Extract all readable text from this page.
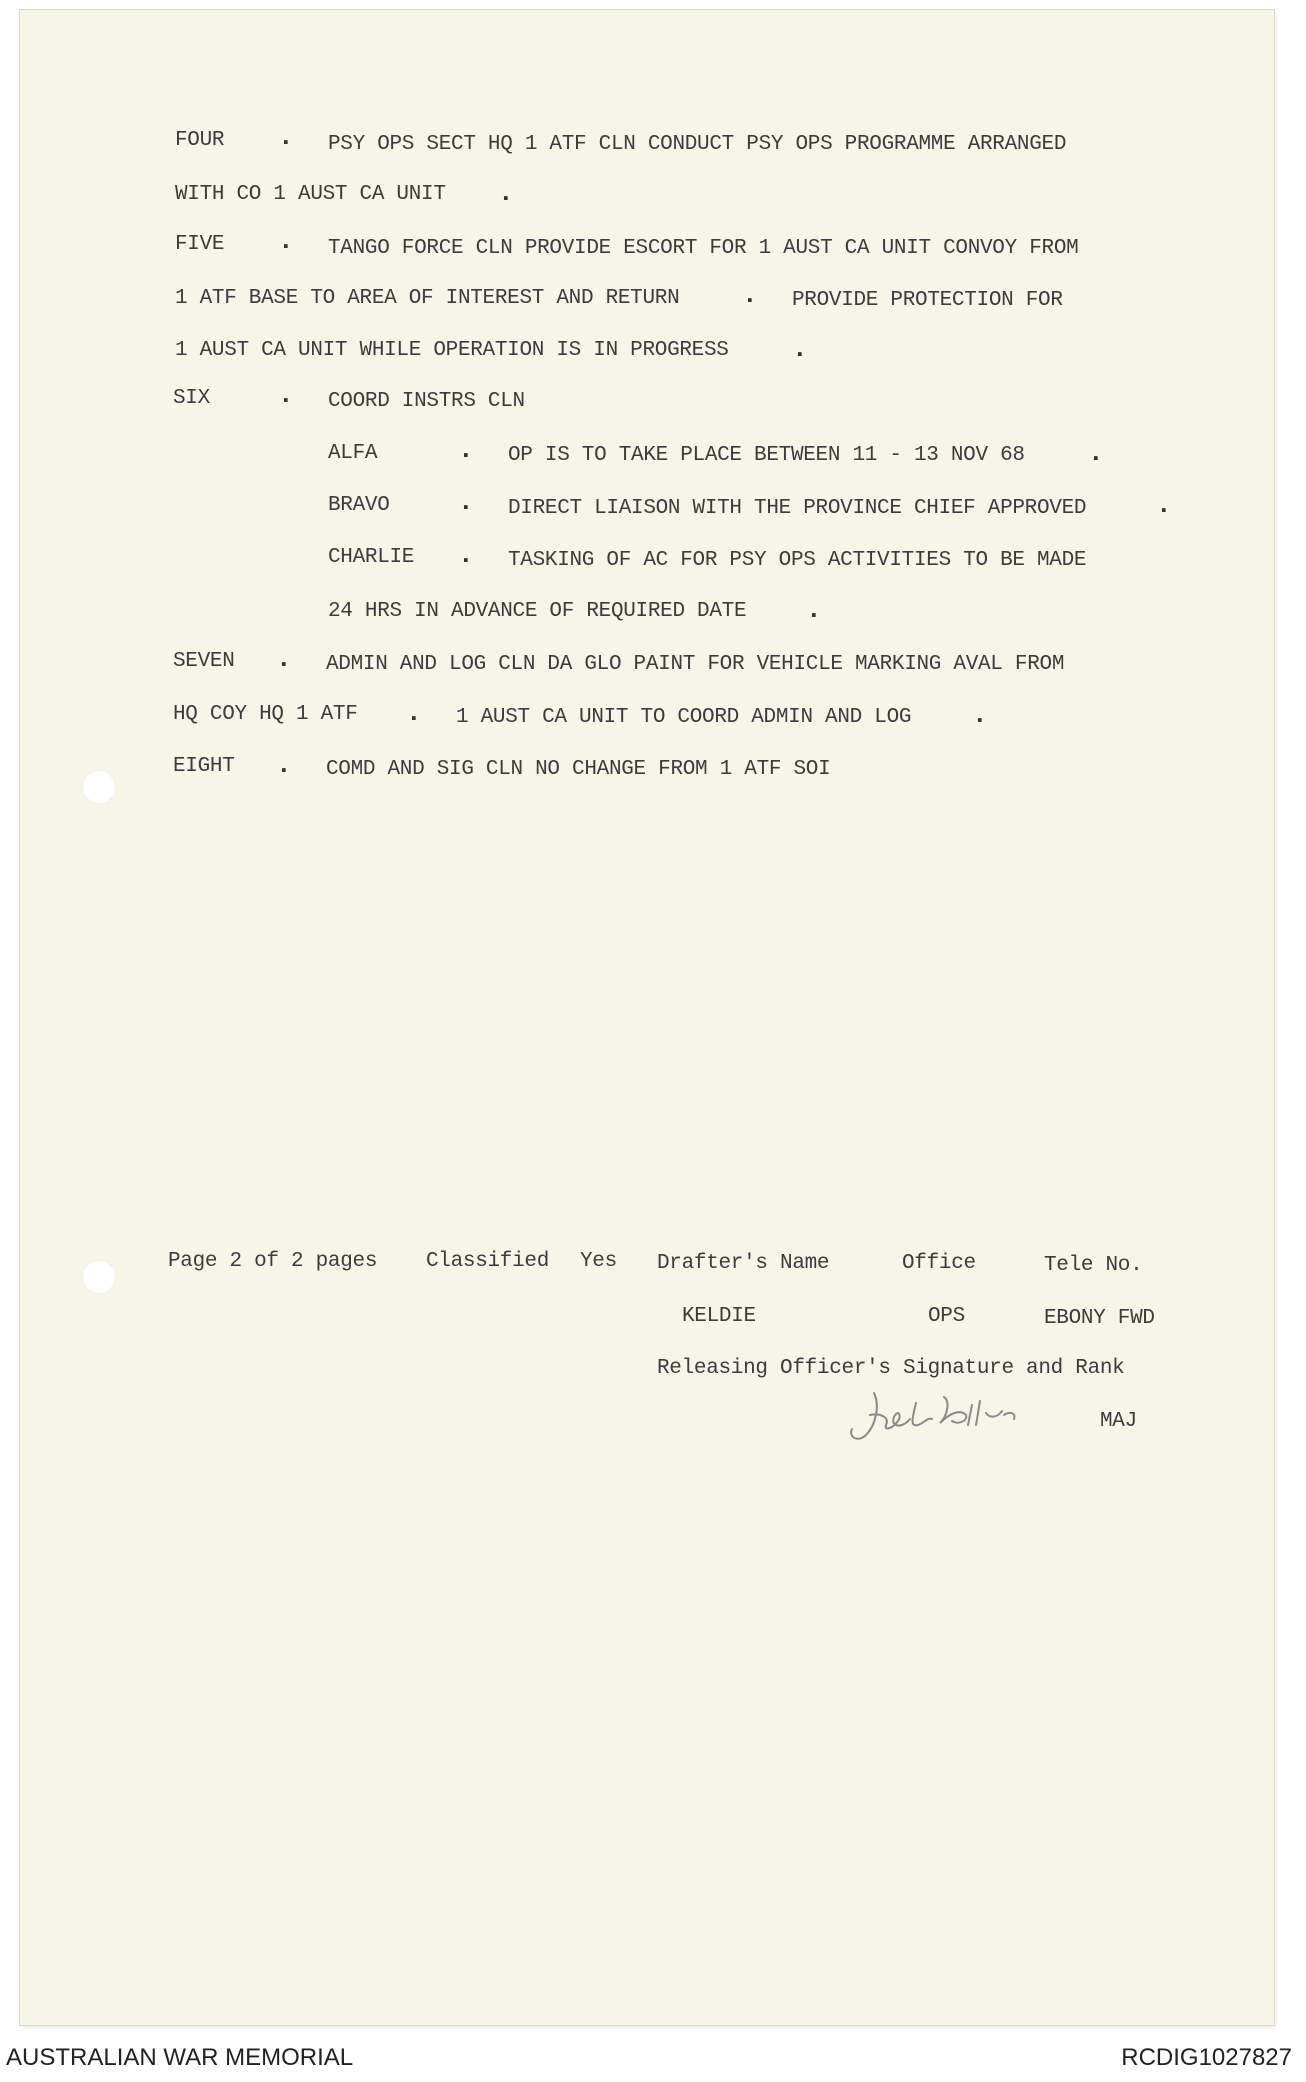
FOUR . PSY OPS SECT HQ 1 ATF CLN CONDUCT PSY OPS PROGRAMME ARRANGED
WITH CO 1 AUST CA UNIT .
FIVE . TANGO FORCE CLN PROVIDE ESCORT FOR 1 AUST CA UNIT CONVOY FROM
1 ATF BASE TO AREA OF INTEREST AND RETURN . PROVIDE PROTECTION FOR
1 AUST CA UNIT WHILE OPERATION IS IN PROGRESS .
SIX	. COORD INSTRS CLN
ALFA	. OP IS TO TAKE PLACE BETWEEN 11 - 13 NOV 68 .
BRAVO	. DIRECT LIAISON WITH THE PROVINCE CHIEF APPROVED	.
CHARLIE . TASKING OF AC FOR PSY OPS ACTIVITIES TO BE MADE
24 HRS IN ADVANCE OF REQUIRED DATE .
SEVEN . ADMIN AND LOG CLN DA GLO PAINT FOR VEHICLE MARKING AVAL FROM
HQ COY HQ 1 ATF . 1 AUST CA UNIT TO COORD ADMIN AND LOG .
EIGHT . COMD AND SIG CLN NO CHANGE FROM 1 ATF SOI
Page 2 of 2 pages Classified Yes Drafter's Name	Office	Tele No.
KELDIE	OPS	EBONY FWD
Releasing Officer's Signature and Rank
MAJ
AUSTRALIAN WAR MEMORIAL	RCDIG1027827
